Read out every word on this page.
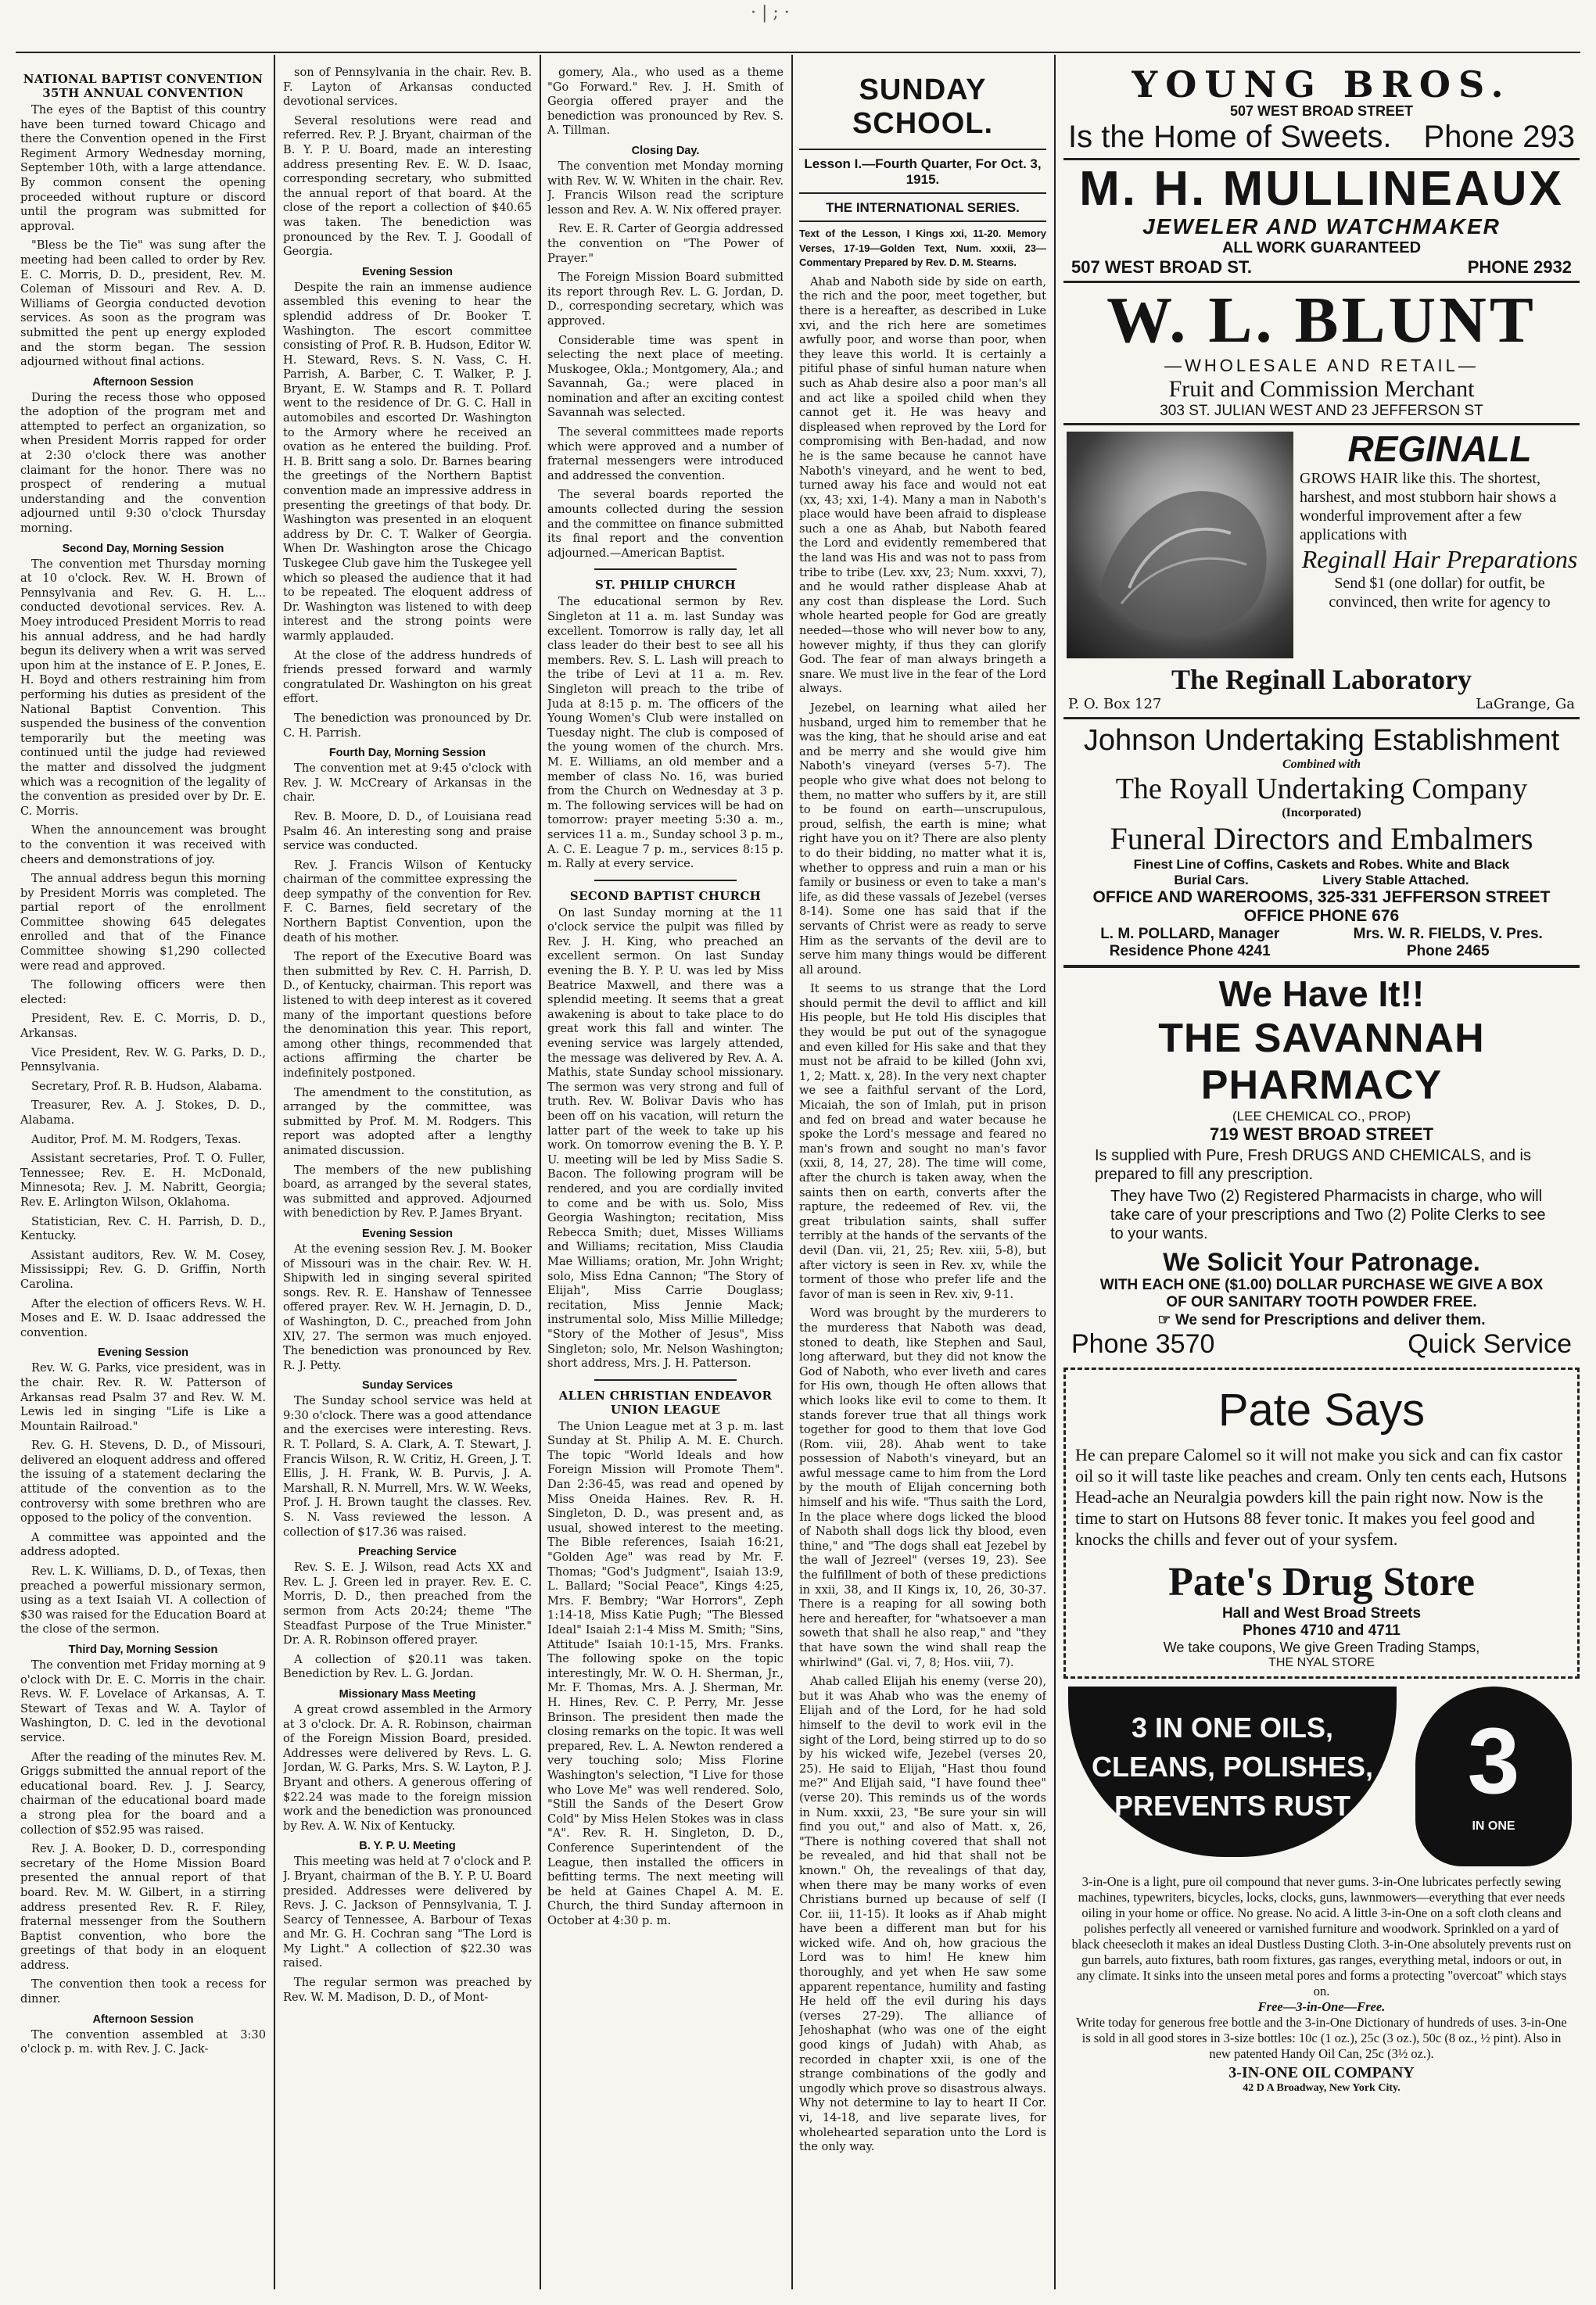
· | ; ·
NATIONAL BAPTIST CONVENTION 35TH ANNUAL CONVENTION

The eyes of the Baptist of this country have been turned toward Chicago and there the Convention opened in the First Regiment Armory Wednesday morning, September 10th, with a large attendance. By common consent the opening proceeded without rupture or discord until the program was submitted for approval.

"Bless be the Tie" was sung after the meeting had been called to order by Rev. E. C. Morris, D. D., president, Rev. M. Coleman of Missouri and Rev. A. D. Williams of Georgia conducted devotion services. As soon as the program was submitted the pent up energy exploded and the storm began. The session adjourned without final actions.

Afternoon Session

During the recess those who opposed the adoption of the program met and attempted to perfect an organization, so when President Morris rapped for order at 2:30 o'clock there was another claimant for the honor. There was no prospect of rendering a mutual understanding and the convention adjourned until 9:30 o'clock Thursday morning.

Second Day, Morning Session

The convention met Thursday morning at 10 o'clock. Rev. W. H. Brown of Pennsylvania and Rev. G. H. L... conducted devotional services. Rev. A. Moey introduced President Morris to read his annual address, and he had hardly begun its delivery when a writ was served upon him at the instance of E. P. Jones, E. H. Boyd and others restraining him from performing his duties as president of the National Baptist Convention. This suspended the business of the convention temporarily but the meeting was continued until the judge had reviewed the matter and dissolved the judgment which was a recognition of the legality of the convention as presided over by Dr. E. C. Morris.

When the announcement was brought to the convention it was received with cheers and demonstrations of joy.

The annual address begun this morning by President Morris was completed. The partial report of the enrollment Committee showing 645 delegates enrolled and that of the Finance Committee showing $1,290 collected were read and approved.

The following officers were then elected:

President, Rev. E. C. Morris, D. D., Arkansas.

Vice President, Rev. W. G. Parks, D. D., Pennsylvania.

Secretary, Prof. R. B. Hudson, Alabama.

Treasurer, Rev. A. J. Stokes, D. D., Alabama.

Auditor, Prof. M. M. Rodgers, Texas.

Assistant secretaries, Prof. T. O. Fuller, Tennessee; Rev. E. H. McDonald, Minnesota; Rev. J. M. Nabritt, Georgia; Rev. E. Arlington Wilson, Oklahoma.

Statistician, Rev. C. H. Parrish, D. D., Kentucky.

Assistant auditors, Rev. W. M. Cosey, Mississippi; Rev. G. D. Griffin, North Carolina.

After the election of officers Revs. W. H. Moses and E. W. D. Isaac addressed the convention.

Evening Session

Rev. W. G. Parks, vice president, was in the chair. Rev. R. W. Patterson of Arkansas read Psalm 37 and Rev. W. M. Lewis led in singing "Life is Like a Mountain Railroad."

Rev. G. H. Stevens, D. D., of Missouri, delivered an eloquent address and offered the issuing of a statement declaring the attitude of the convention as to the controversy with some brethren who are opposed to the policy of the convention.

A committee was appointed and the address adopted.

Rev. L. K. Williams, D. D., of Texas, then preached a powerful missionary sermon, using as a text Isaiah VI. A collection of $30 was raised for the Education Board at the close of the sermon.

Third Day, Morning Session

The convention met Friday morning at 9 o'clock with Dr. E. C. Morris in the chair. Revs. W. F. Lovelace of Arkansas, A. T. Stewart of Texas and W. A. Taylor of Washington, D. C. led in the devotional service.

After the reading of the minutes Rev. M. Griggs submitted the annual report of the educational board. Rev. J. J. Searcy, chairman of the educational board made a strong plea for the board and a collection of $52.95 was raised.

Rev. J. A. Booker, D. D., corresponding secretary of the Home Mission Board presented the annual report of that board. Rev. M. W. Gilbert, in a stirring address presented Rev. R. F. Riley, fraternal messenger from the Southern Baptist convention, who bore the greetings of that body in an eloquent address.

The convention then took a recess for dinner.

Afternoon Session

The convention assembled at 3:30 o'clock p. m. with Rev. J. C. Jack-

son of Pennsylvania in the chair. Rev. B. F. Layton of Arkansas conducted devotional services.

Several resolutions were read and referred. Rev. P. J. Bryant, chairman of the B. Y. P. U. Board, made an interesting address presenting Rev. E. W. D. Isaac, corresponding secretary, who submitted the annual report of that board. At the close of the report a collection of $40.65 was taken. The benediction was pronounced by the Rev. T. J. Goodall of Georgia.

Evening Session

Despite the rain an immense audience assembled this evening to hear the splendid address of Dr. Booker T. Washington. The escort committee consisting of Prof. R. B. Hudson, Editor W. H. Steward, Revs. S. N. Vass, C. H. Parrish, A. Barber, C. T. Walker, P. J. Bryant, E. W. Stamps and R. T. Pollard went to the residence of Dr. G. C. Hall in automobiles and escorted Dr. Washington to the Armory where he received an ovation as he entered the building. Prof. H. B. Britt sang a solo. Dr. Barnes bearing the greetings of the Northern Baptist convention made an impressive address in presenting the greetings of that body. Dr. Washington was presented in an eloquent address by Dr. C. T. Walker of Georgia. When Dr. Washington arose the Chicago Tuskegee Club gave him the Tuskegee yell which so pleased the audience that it had to be repeated. The eloquent address of Dr. Washington was listened to with deep interest and the strong points were warmly applauded.

At the close of the address hundreds of friends pressed forward and warmly congratulated Dr. Washington on his great effort.

The benediction was pronounced by Dr. C. H. Parrish.

Fourth Day, Morning Session

The convention met at 9:45 o'clock with Rev. J. W. McCreary of Arkansas in the chair.

Rev. B. Moore, D. D., of Louisiana read Psalm 46. An interesting song and praise service was conducted.

Rev. J. Francis Wilson of Kentucky chairman of the committee expressing the deep sympathy of the convention for Rev. F. C. Barnes, field secretary of the Northern Baptist Convention, upon the death of his mother.

The report of the Executive Board was then submitted by Rev. C. H. Parrish, D. D., of Kentucky, chairman. This report was listened to with deep interest as it covered many of the important questions before the denomination this year. This report, among other things, recommended that actions affirming the charter be indefinitely postponed.

The amendment to the constitution, as arranged by the committee, was submitted by Prof. M. M. Rodgers. This report was adopted after a lengthy animated discussion.

The members of the new publishing board, as arranged by the several states, was submitted and approved. Adjourned with benediction by Rev. P. James Bryant.

Evening Session

At the evening session Rev. J. M. Booker of Missouri was in the chair. Rev. W. H. Shipwith led in singing several spirited songs. Rev. R. E. Hanshaw of Tennessee offered prayer. Rev. W. H. Jernagin, D. D., of Washington, D. C., preached from John XIV, 27. The sermon was much enjoyed. The benediction was pronounced by Rev. R. J. Petty.

Sunday Services

The Sunday school service was held at 9:30 o'clock. There was a good attendance and the exercises were interesting. Revs. R. T. Pollard, S. A. Clark, A. T. Stewart, J. Francis Wilson, R. W. Critiz, H. Green, J. T. Ellis, J. H. Frank, W. B. Purvis, J. A. Marshall, R. N. Murrell, Mrs. W. W. Weeks, Prof. J. H. Brown taught the classes. Rev. S. N. Vass reviewed the lesson. A collection of $17.36 was raised.

Preaching Service

Rev. S. E. J. Wilson, read Acts XX and Rev. L. J. Green led in prayer. Rev. E. C. Morris, D. D., then preached from the sermon from Acts 20:24; theme "The Steadfast Purpose of the True Minister." Dr. A. R. Robinson offered prayer.

A collection of $20.11 was taken. Benediction by Rev. L. G. Jordan.

Missionary Mass Meeting

A great crowd assembled in the Armory at 3 o'clock. Dr. A. R. Robinson, chairman of the Foreign Mission Board, presided. Addresses were delivered by Revs. L. G. Jordan, W. G. Parks, Mrs. S. W. Layton, P. J. Bryant and others. A generous offering of $22.24 was made to the foreign mission work and the benediction was pronounced by Rev. A. W. Nix of Kentucky.

B. Y. P. U. Meeting

This meeting was held at 7 o'clock and P. J. Bryant, chairman of the B. Y. P. U. Board presided. Addresses were delivered by Revs. J. C. Jackson of Pennsylvania, T. J. Searcy of Tennessee, A. Barbour of Texas and Mr. G. H. Cochran sang "The Lord is My Light." A collection of $22.30 was raised.

The regular sermon was preached by Rev. W. M. Madison, D. D., of Mont-

gomery, Ala., who used as a theme "Go Forward." Rev. J. H. Smith of Georgia offered prayer and the benediction was pronounced by Rev. S. A. Tillman.

Closing Day.

The convention met Monday morning with Rev. W. W. Whiten in the chair. Rev. J. Francis Wilson read the scripture lesson and Rev. A. W. Nix offered prayer.

Rev. E. R. Carter of Georgia addressed the convention on "The Power of Prayer."

The Foreign Mission Board submitted its report through Rev. L. G. Jordan, D. D., corresponding secretary, which was approved.

Considerable time was spent in selecting the next place of meeting. Muskogee, Okla.; Montgomery, Ala.; and Savannah, Ga.; were placed in nomination and after an exciting contest Savannah was selected.

The several committees made reports which were approved and a number of fraternal messengers were introduced and addressed the convention.

The several boards reported the amounts collected during the session and the committee on finance submitted its final report and the convention adjourned.—American Baptist.

ST. PHILIP CHURCH

The educational sermon by Rev. Singleton at 11 a. m. last Sunday was excellent. Tomorrow is rally day, let all class leader do their best to see all his members. Rev. S. L. Lash will preach to the tribe of Levi at 11 a. m. Rev. Singleton will preach to the tribe of Juda at 8:15 p. m. The officers of the Young Women's Club were installed on Tuesday night. The club is composed of the young women of the church. Mrs. M. E. Williams, an old member and a member of class No. 16, was buried from the Church on Wednesday at 3 p. m. The following services will be had on tomorrow: prayer meeting 5:30 a. m., services 11 a. m., Sunday school 3 p. m., A. C. E. League 7 p. m., services 8:15 p. m. Rally at every service.

SECOND BAPTIST CHURCH

On last Sunday morning at the 11 o'clock service the pulpit was filled by Rev. J. H. King, who preached an excellent sermon. On last Sunday evening the B. Y. P. U. was led by Miss Beatrice Maxwell, and there was a splendid meeting. It seems that a great awakening is about to take place to do great work this fall and winter. The evening service was largely attended, the message was delivered by Rev. A. A. Mathis, state Sunday school missionary. The sermon was very strong and full of truth. Rev. W. Bolivar Davis who has been off on his vacation, will return the latter part of the week to take up his work. On tomorrow evening the B. Y. P. U. meeting will be led by Miss Sadie S. Bacon. The following program will be rendered, and you are cordially invited to come and be with us. Solo, Miss Georgia Washington; recitation, Miss Rebecca Smith; duet, Misses Williams and Williams; recitation, Miss Claudia Mae Williams; oration, Mr. John Wright; solo, Miss Edna Cannon; "The Story of Elijah", Miss Carrie Douglass; recitation, Miss Jennie Mack; instrumental solo, Miss Millie Milledge; "Story of the Mother of Jesus", Miss Singleton; solo, Mr. Nelson Washington; short address, Mrs. J. H. Patterson.

ALLEN CHRISTIAN ENDEAVOR UNION LEAGUE

The Union League met at 3 p. m. last Sunday at St. Philip A. M. E. Church. The topic "World Ideals and how Foreign Mission will Promote Them". Dan 2:36-45, was read and opened by Miss Oneida Haines. Rev. R. H. Singleton, D. D., was present and, as usual, showed interest to the meeting. The Bible references, Isaiah 16:21, "Golden Age" was read by Mr. F. Thomas; "God's Judgment", Isaiah 13:9, L. Ballard; "Social Peace", Kings 4:25, Mrs. F. Bembry; "War Horrors", Zeph 1:14-18, Miss Katie Pugh; "The Blessed Ideal" Isaiah 2:1-4 Miss M. Smith; "Sins, Attitude" Isaiah 10:1-15, Mrs. Franks. The following spoke on the topic interestingly, Mr. W. O. H. Sherman, Jr., Mr. F. Thomas, Mrs. A. J. Sherman, Mr. H. Hines, Rev. C. P. Perry, Mr. Jesse Brinson. The president then made the closing remarks on the topic. It was well prepared, Rev. L. A. Newton rendered a very touching solo; Miss Florine Washington's selection, "I Live for those who Love Me" was well rendered. Solo, "Still the Sands of the Desert Grow Cold" by Miss Helen Stokes was in class "A". Rev. R. H. Singleton, D. D., Conference Superintendent of the League, then installed the officers in befitting terms. The next meeting will be held at Gaines Chapel A. M. E. Church, the third Sunday afternoon in October at 4:30 p. m.

SUNDAY SCHOOL.
Lesson I.—Fourth Quarter, For Oct. 3, 1915.
THE INTERNATIONAL SERIES.

Text of the Lesson, I Kings xxi, 11-20. Memory Verses, 17-19—Golden Text, Num. xxxii, 23—Commentary Prepared by Rev. D. M. Stearns.

Ahab and Naboth side by side on earth, the rich and the poor, meet together, but there is a hereafter, as described in Luke xvi, and the rich here are sometimes awfully poor, and worse than poor, when they leave this world. It is certainly a pitiful phase of sinful human nature when such as Ahab desire also a poor man's all and act like a spoiled child when they cannot get it. He was heavy and displeased when reproved by the Lord for compromising with Ben-hadad, and now he is the same because he cannot have Naboth's vineyard, and he went to bed, turned away his face and would not eat (xx, 43; xxi, 1-4). Many a man in Naboth's place would have been afraid to displease such a one as Ahab, but Naboth feared the Lord and evidently remembered that the land was His and was not to pass from tribe to tribe (Lev. xxv, 23; Num. xxxvi, 7), and he would rather displease Ahab at any cost than displease the Lord. Such whole hearted people for God are greatly needed—those who will never bow to any, however mighty, if thus they can glorify God. The fear of man always bringeth a snare. We must live in the fear of the Lord always.

Jezebel, on learning what ailed her husband, urged him to remember that he was the king, that he should arise and eat and be merry and she would give him Naboth's vineyard (verses 5-7). The people who give what does not belong to them, no matter who suffers by it, are still to be found on earth—unscrupulous, proud, selfish, the earth is mine; what right have you on it? There are also plenty to do their bidding, no matter what it is, whether to oppress and ruin a man or his family or business or even to take a man's life, as did these vassals of Jezebel (verses 8-14). Some one has said that if the servants of Christ were as ready to serve Him as the servants of the devil are to serve him many things would be different all around.

It seems to us strange that the Lord should permit the devil to afflict and kill His people, but He told His disciples that they would be put out of the synagogue and even killed for His sake and that they must not be afraid to be killed (John xvi, 1, 2; Matt. x, 28). In the very next chapter we see a faithful servant of the Lord, Micaiah, the son of Imlah, put in prison and fed on bread and water because he spoke the Lord's message and feared no man's frown and sought no man's favor (xxii, 8, 14, 27, 28). The time will come, after the church is taken away, when the saints then on earth, converts after the rapture, the redeemed of Rev. vii, the great tribulation saints, shall suffer terribly at the hands of the servants of the devil (Dan. vii, 21, 25; Rev. xiii, 5-8), but after victory is seen in Rev. xv, while the torment of those who prefer life and the favor of man is seen in Rev. xiv, 9-11.

Word was brought by the murderers to the murderess that Naboth was dead, stoned to death, like Stephen and Saul, long afterward, but they did not know the God of Naboth, who ever liveth and cares for His own, though He often allows that which looks like evil to come to them. It stands forever true that all things work together for good to them that love God (Rom. viii, 28). Ahab went to take possession of Naboth's vineyard, but an awful message came to him from the Lord by the mouth of Elijah concerning both himself and his wife. "Thus saith the Lord, In the place where dogs licked the blood of Naboth shall dogs lick thy blood, even thine," and "The dogs shall eat Jezebel by the wall of Jezreel" (verses 19, 23). See the fulfillment of both of these predictions in xxii, 38, and II Kings ix, 10, 26, 30-37. There is a reaping for all sowing both here and hereafter, for "whatsoever a man soweth that shall he also reap," and "they that have sown the wind shall reap the whirlwind" (Gal. vi, 7, 8; Hos. viii, 7).

Ahab called Elijah his enemy (verse 20), but it was Ahab who was the enemy of Elijah and of the Lord, for he had sold himself to the devil to work evil in the sight of the Lord, being stirred up to do so by his wicked wife, Jezebel (verses 20, 25). He said to Elijah, "Hast thou found me?" And Elijah said, "I have found thee" (verse 20). This reminds us of the words in Num. xxxii, 23, "Be sure your sin will find you out," and also of Matt. x, 26, "There is nothing covered that shall not be revealed, and hid that shall not be known." Oh, the revealings of that day, when there may be many works of even Christians burned up because of self (I Cor. iii, 11-15). It looks as if Ahab might have been a different man but for his wicked wife. And oh, how gracious the Lord was to him! He knew him thoroughly, and yet when He saw some apparent repentance, humility and fasting He held off the evil during his days (verses 27-29). The alliance of Jehoshaphat (who was one of the eight good kings of Judah) with Ahab, as recorded in chapter xxii, is one of the strange combinations of the godly and ungodly which prove so disastrous always. Why not determine to lay to heart II Cor. vi, 14-18, and live separate lives, for wholehearted separation unto the Lord is the only way.

YOUNG BROS.
507 WEST BROAD STREET
Is the Home of Sweets. Phone 293
M. H. MULLINEAUX
JEWELER AND WATCHMAKER
ALL WORK GUARANTEED
507 WEST BROAD ST.	PHONE 2932
W. L. BLUNT
—WHOLESALE AND RETAIL—
Fruit and Commission Merchant
303 ST. JULIAN WEST AND 23 JEFFERSON ST
REGINALL
GROWS HAIR like this. The shortest, harshest, and most stubborn hair shows a wonderful improvement after a few applications with
Reginall Hair Preparations
Send $1 (one dollar) for outfit, be convinced, then write for agency to
The Reginall Laboratory
P. O. Box 127	LaGrange, Ga
Johnson Undertaking Establishment
Combined with
The Royall Undertaking Company
(Incorporated)
Funeral Directors and Embalmers
Finest Line of Coffins, Caskets and Robes. White and Black
Burial Cars.                    Livery Stable Attached.
OFFICE AND WAREROOMS, 325-331 JEFFERSON STREET
OFFICE PHONE 676
L. M. POLLARD, Manager
Residence Phone 4241
Mrs. W. R. FIELDS, V. Pres.
Phone 2465
We Have It!!
THE SAVANNAH PHARMACY
(LEE CHEMICAL CO., PROP)
719 WEST BROAD STREET
Is supplied with Pure, Fresh DRUGS AND CHEMICALS, and is prepared to fill any prescription.
They have Two (2) Registered Pharmacists in charge, who will take care of your prescriptions and Two (2) Polite Clerks to see to your wants.
We Solicit Your Patronage.
WITH EACH ONE ($1.00) DOLLAR PURCHASE WE GIVE A BOX OF OUR SANITARY TOOTH POWDER FREE.
☞ We send for Prescriptions and deliver them.
Phone 3570	Quick Service
Pate Says
He can prepare Calomel so it will not make you sick and can fix castor oil so it will taste like peaches and cream. Only ten cents each, Hutsons Head-ache an Neuralgia powders kill the pain right now. Now is the time to start on Hutsons 88 fever tonic. It makes you feel good and knocks the chills and fever out of your sysfem.
Pate's Drug Store
Hall and West Broad Streets
Phones 4710 and 4711
We take coupons, We give Green Trading Stamps,
THE NYAL STORE
3 IN ONE OILS,
CLEANS, POLISHES,
PREVENTS RUST	3
IN ONE
3-in-One is a light, pure oil compound that never gums. 3-in-One lubricates perfectly sewing machines, typewriters, bicycles, locks, clocks, guns, lawnmowers—everything that ever needs oiling in your home or office. No grease. No acid. A little 3-in-One on a soft cloth cleans and polishes perfectly all veneered or varnished furniture and woodwork. Sprinkled on a yard of black cheesecloth it makes an ideal Dustless Dusting Cloth. 3-in-One absolutely prevents rust on gun barrels, auto fixtures, bath room fixtures, gas ranges, everything metal, indoors or out, in any climate. It sinks into the unseen metal pores and forms a protecting "overcoat" which stays on.
Free—3-in-One—Free.
Write today for generous free bottle and the 3-in-One Dictionary of hundreds of uses. 3-in-One is sold in all good stores in 3-size bottles: 10c (1 oz.), 25c (3 oz.), 50c (8 oz., ½ pint). Also in new patented Handy Oil Can, 25c (3½ oz.).
3-IN-ONE OIL COMPANY
42 D A Broadway, New York City.
